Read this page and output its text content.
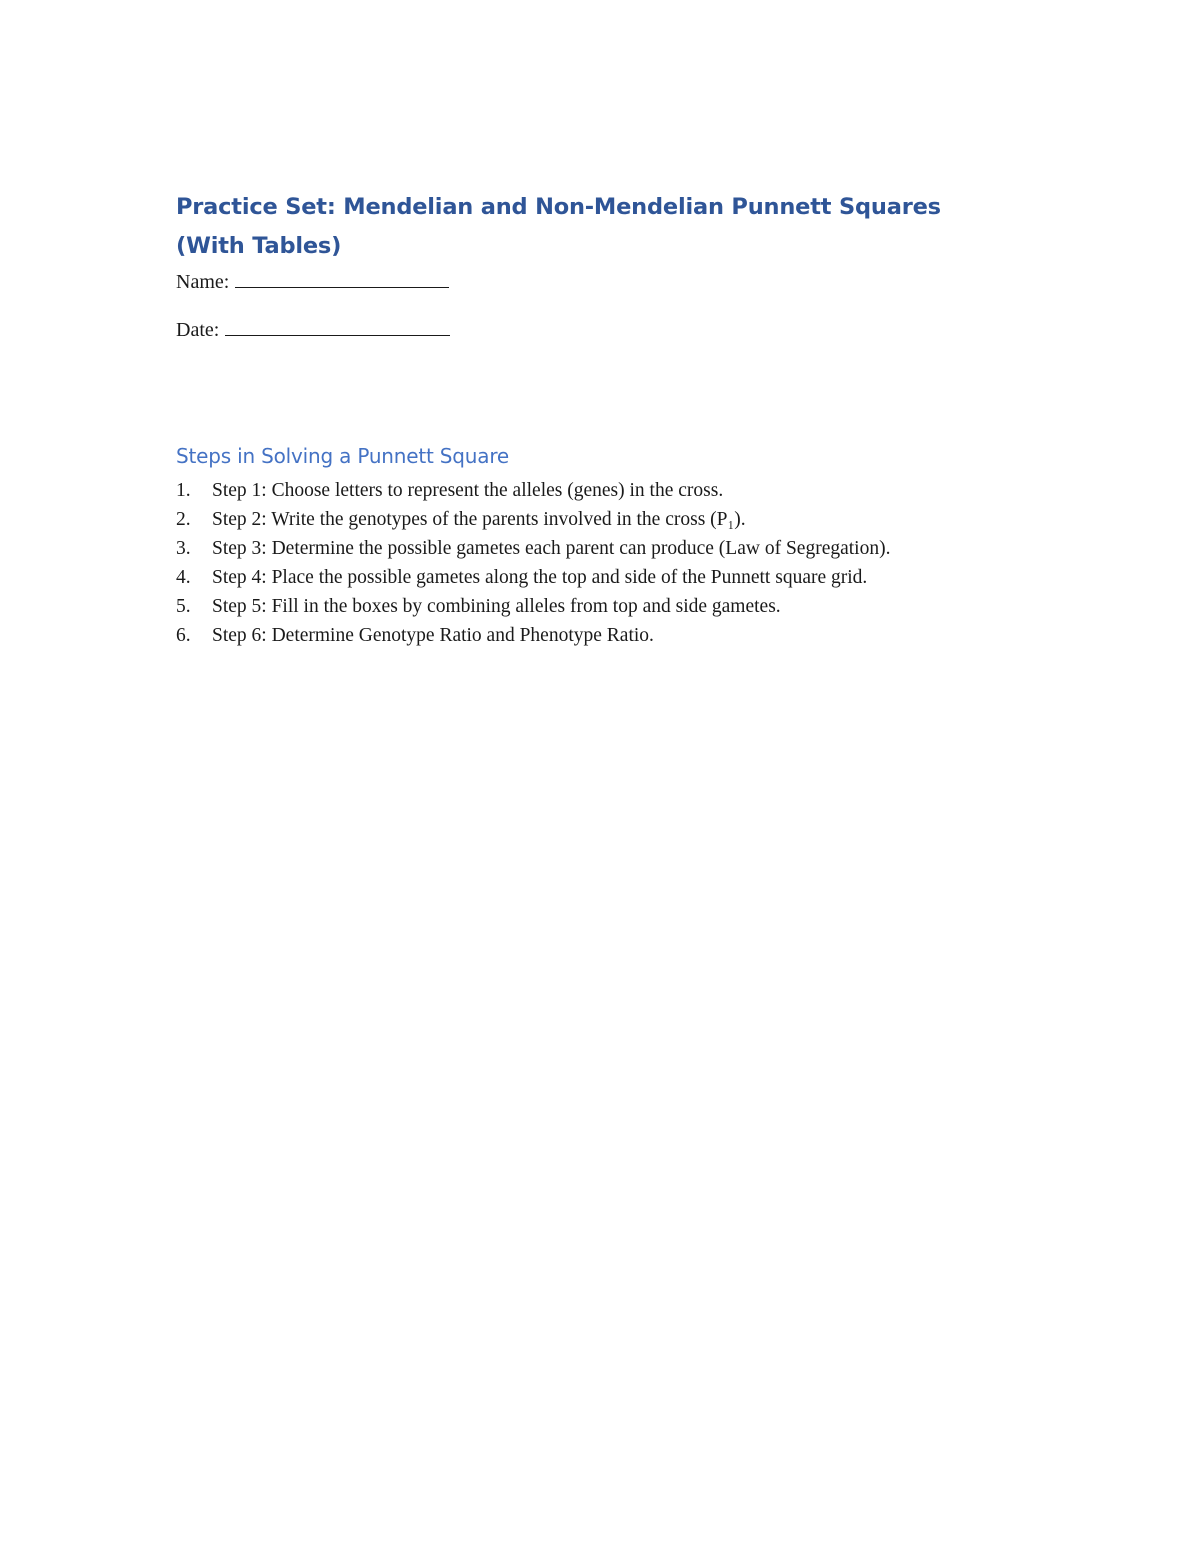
Practice Set: Mendelian and Non-Mendelian Punnett Squares (With Tables)
Name:
Date:
Steps in Solving a Punnett Square
1. Step 1: Choose letters to represent the alleles (genes) in the cross.
2. Step 2: Write the genotypes of the parents involved in the cross (P₁).
3. Step 3: Determine the possible gametes each parent can produce (Law of Segregation).
4. Step 4: Place the possible gametes along the top and side of the Punnett square grid.
5. Step 5: Fill in the boxes by combining alleles from top and side gametes.
6. Step 6: Determine Genotype Ratio and Phenotype Ratio.
